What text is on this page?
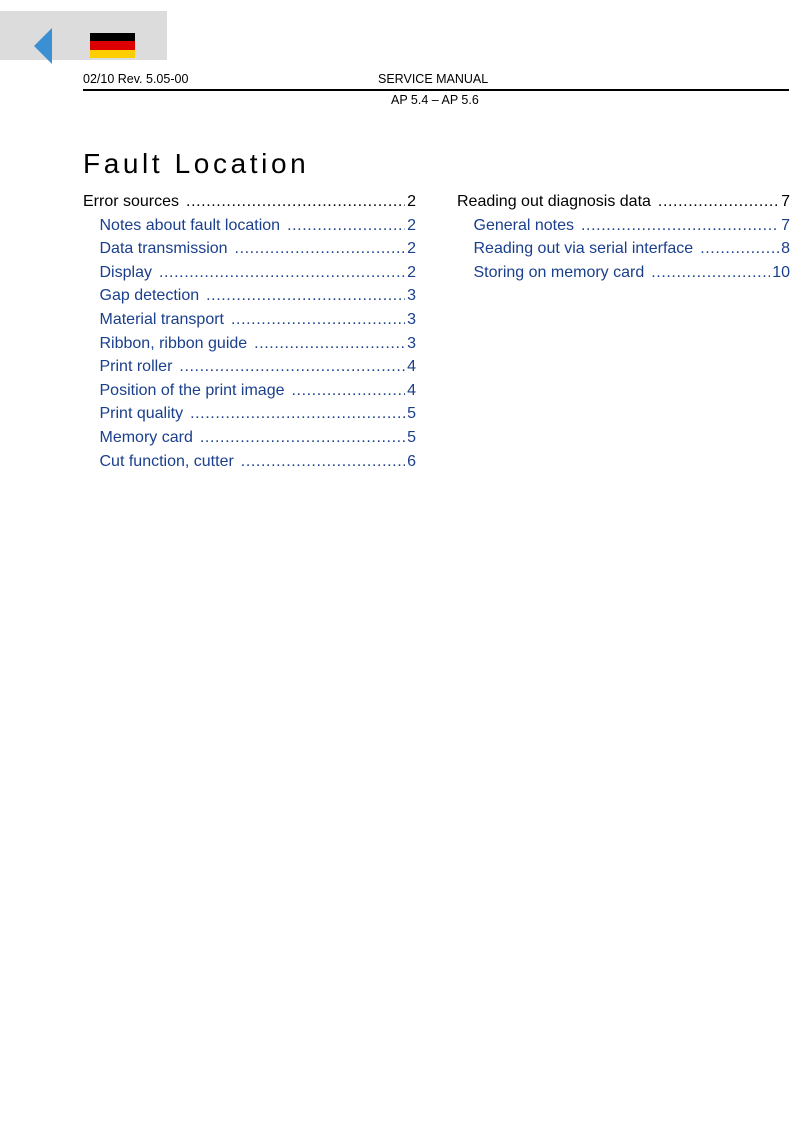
02/10 Rev. 5.05-00	SERVICE MANUAL
AP 5.4 – AP 5.6
Fault Location
Error sources .....	2
Notes about fault location .....	2
Data transmission .....	2
Display .....	2
Gap detection .....	3
Material transport .....	3
Ribbon, ribbon guide .....	3
Print roller .....	4
Position of the print image .....	4
Print quality .....	5
Memory card .....	5
Cut function, cutter .....	6
Reading out diagnosis data .....	7
General notes .....	7
Reading out via serial interface .....	8
Storing on memory card .....	10
